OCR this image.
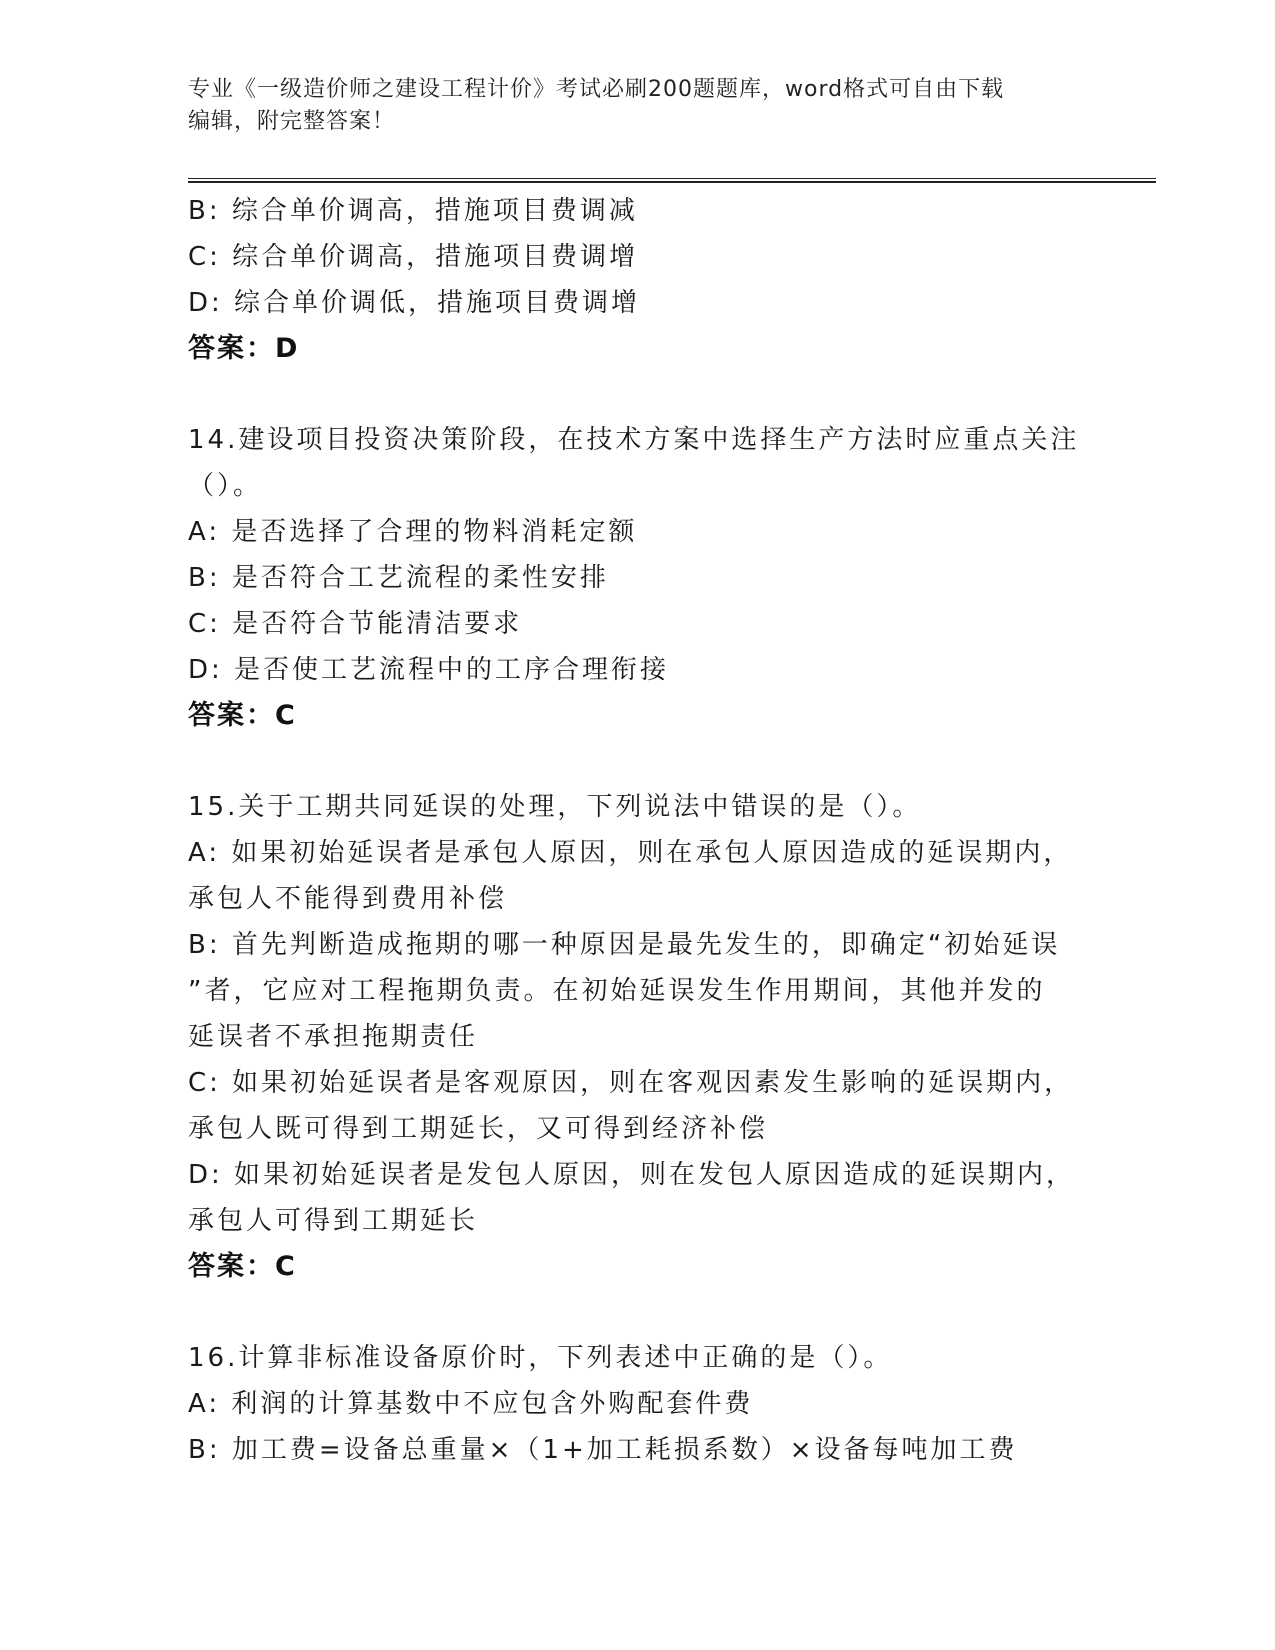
专业《一级造价师之建设工程计价》考试必刷200题题库，word格式可自由下载
编辑，附完整答案！
B: 综合单价调高，措施项目费调减
C: 综合单价调高，措施项目费调增
D: 综合单价调低，措施项目费调增
答案：D
14.建设项目投资决策阶段，在技术方案中选择生产方法时应重点关注
（）。
A: 是否选择了合理的物料消耗定额
B: 是否符合工艺流程的柔性安排
C: 是否符合节能清洁要求
D: 是否使工艺流程中的工序合理衔接
答案：C
15.关于工期共同延误的处理，下列说法中错误的是（）。
A: 如果初始延误者是承包人原因，则在承包人原因造成的延误期内，
承包人不能得到费用补偿
B: 首先判断造成拖期的哪一种原因是最先发生的，即确定“初始延误
”者，它应对工程拖期负责。在初始延误发生作用期间，其他并发的
延误者不承担拖期责任
C: 如果初始延误者是客观原因，则在客观因素发生影响的延误期内，
承包人既可得到工期延长，又可得到经济补偿
D: 如果初始延误者是发包人原因，则在发包人原因造成的延误期内，
承包人可得到工期延长
答案：C
16.计算非标准设备原价时，下列表述中正确的是（）。
A: 利润的计算基数中不应包含外购配套件费
B: 加工费=设备总重量×（1+加工耗损系数）×设备每吨加工费
